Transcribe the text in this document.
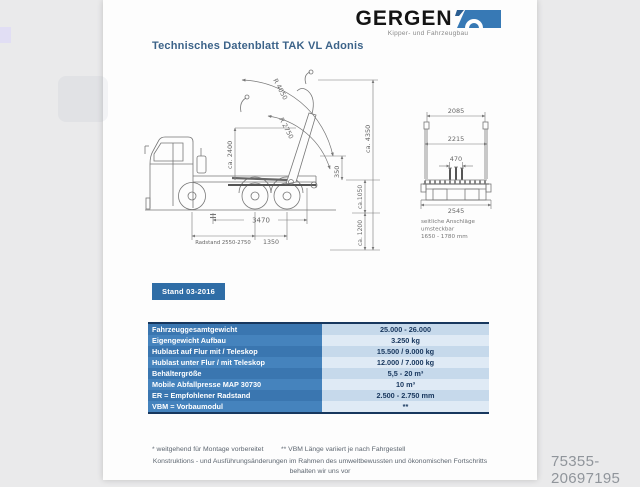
GERGEN
Kipper- und Fahrzeugbau
Technisches Datenblatt TAK VL Adonis
R 4050
R 2750
ca. 2400
350
ca.1050
ca. 1200
ca. 4350
3470
Radstand 2550-2750 1350
2085
2215
470
2545
seitliche Anschläge
umsteckbar
1650 - 1780 mm
Stand 03-2016
Fahrzeuggesamtgewicht	25.000 - 26.000
Eigengewicht Aufbau	3.250 kg
Hublast auf Flur mit / Teleskop	15.500 / 9.000 kg
Hublast unter Flur / mit Teleskop	12.000 / 7.000 kg
Behältergröße	5,5 - 20 m³
Mobile Abfallpresse MAP 30730	10 m³
ER = Empfohlener Radstand	2.500 - 2.750 mm
VBM = Vorbaumodul	**
* weitgehend für Montage vorbereitet	** VBM Länge variiert je nach Fahrgestell
Konstruktions - und Ausführungsänderungen im Rahmen des umweltbewussten und ökonomischen Fortschritts
behalten wir uns vor
75355-20697195
